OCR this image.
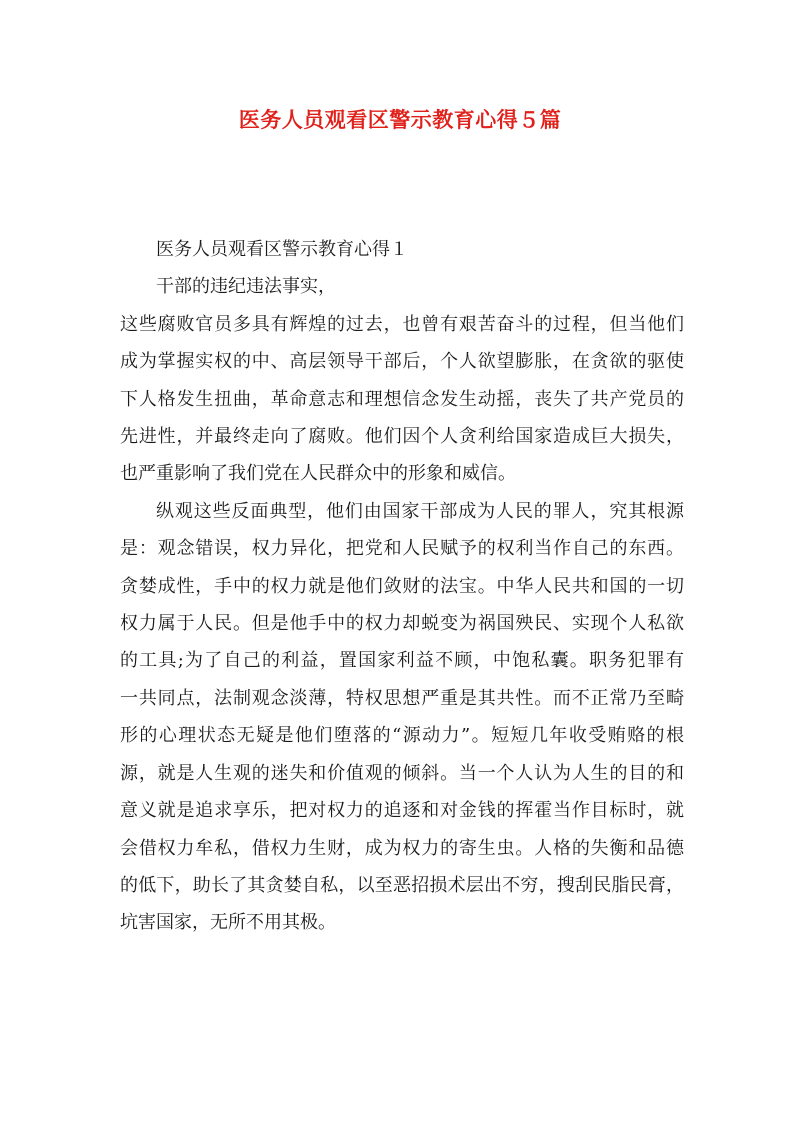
医务人员观看区警示教育心得５篇
医务人员观看区警示教育心得１
干部的违纪违法事实，
这些腐败官员多具有辉煌的过去，也曾有艰苦奋斗的过程，但当他们
成为掌握实权的中、高层领导干部后，个人欲望膨胀，在贪欲的驱使
下人格发生扭曲，革命意志和理想信念发生动摇，丧失了共产党员的
先进性，并最终走向了腐败。他们因个人贪利给国家造成巨大损失，
也严重影响了我们党在人民群众中的形象和威信。
纵观这些反面典型，他们由国家干部成为人民的罪人，究其根源
是：观念错误，权力异化，把党和人民赋予的权利当作自己的东西。
贪婪成性，手中的权力就是他们敛财的法宝。中华人民共和国的一切
权力属于人民。但是他手中的权力却蜕变为祸国殃民、实现个人私欲
的工具;为了自己的利益，置国家利益不顾，中饱私囊。职务犯罪有
一共同点，法制观念淡薄，特权思想严重是其共性。而不正常乃至畸
形的心理状态无疑是他们堕落的“源动力”。短短几年收受贿赂的根
源，就是人生观的迷失和价值观的倾斜。当一个人认为人生的目的和
意义就是追求享乐，把对权力的追逐和对金钱的挥霍当作目标时，就
会借权力牟私，借权力生财，成为权力的寄生虫。人格的失衡和品德
的低下，助长了其贪婪自私，以至恶招损术层出不穷，搜刮民脂民膏，
坑害国家，无所不用其极。
